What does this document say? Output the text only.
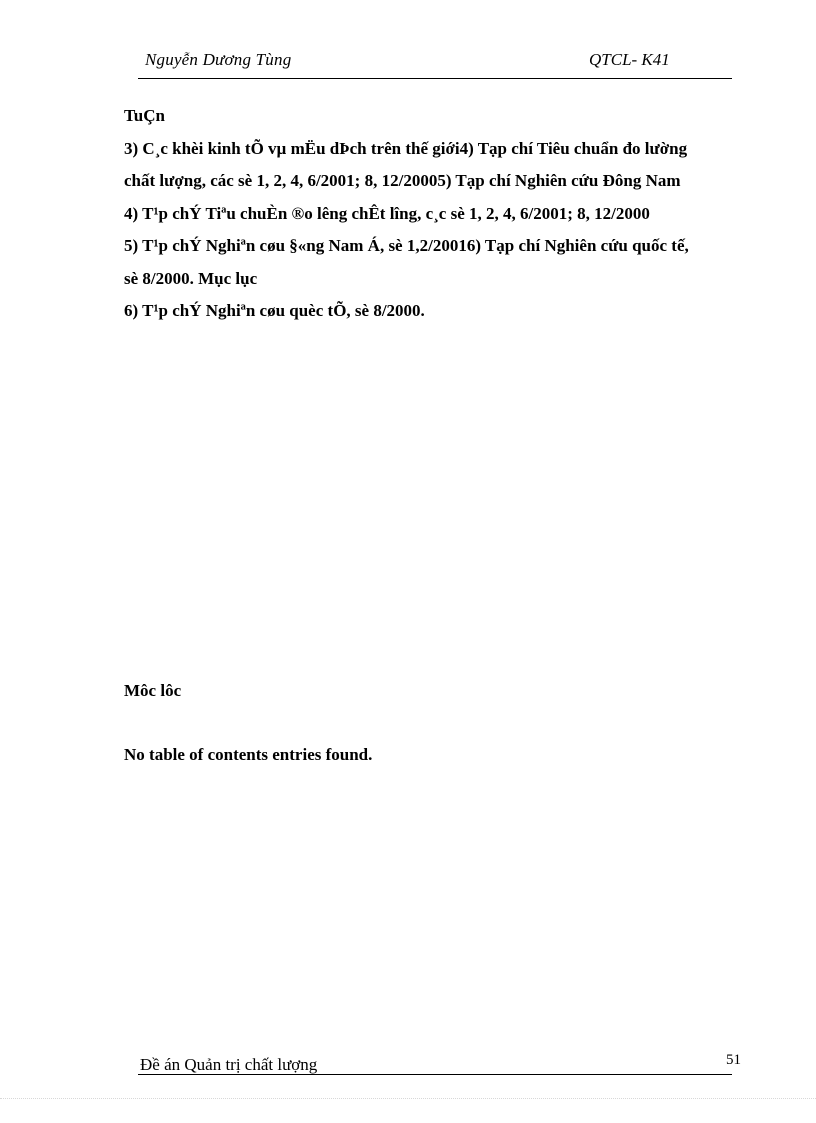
Nguyễn Dương Tùng	QTCL- K41
TuÇn
3) C¸c khèi kinh tÕ vµ mËu dÞch trên thế giới4) Tạp chí Tiêu chuẩn đo lường
chất lượng, các sè 1, 2, 4, 6/2001; 8, 12/20005) Tạp chí Nghiên cứu Đông Nam
4) T¹p chÝ Tiªu chuÈn ®o lêng chÊt lîng, c¸c sè 1, 2, 4, 6/2001; 8, 12/2000
5) T¹p chÝ Nghiªn cøu §«ng Nam Á, sè 1,2/20016) Tạp chí Nghiên cứu quốc tế,
sè 8/2000. Mục lục
6) T¹p chÝ Nghiªn cøu quèc tÕ, sè 8/2000.
Môc lôc
No table of contents entries found.
Đề án Quản trị chất lượng	51
